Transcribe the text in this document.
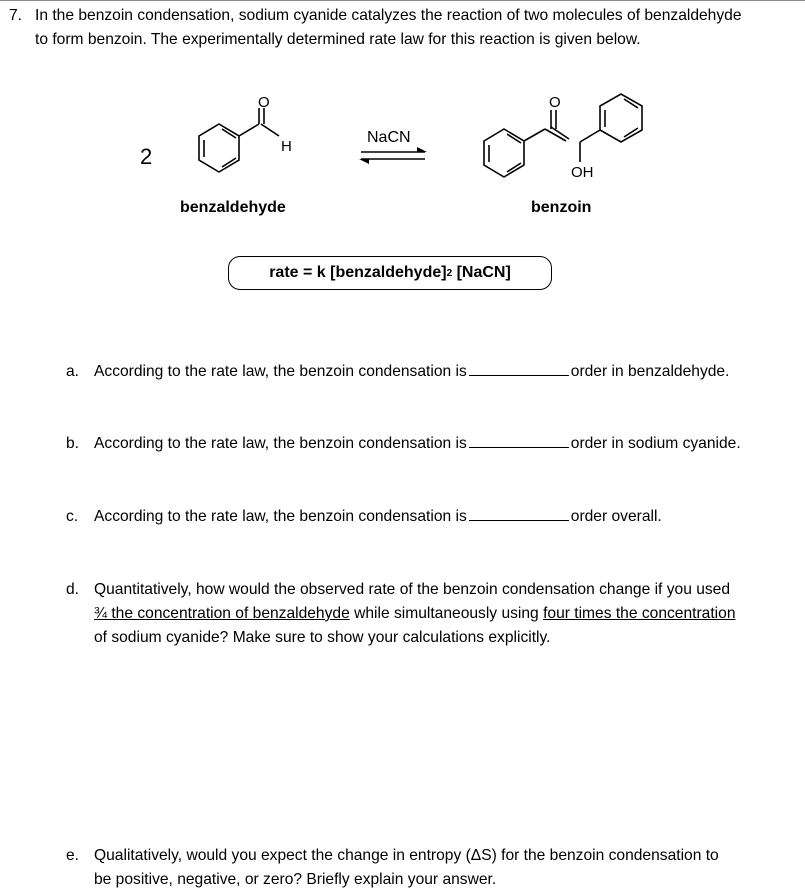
7. In the benzoin condensation, sodium cyanide catalyzes the reaction of two molecules of benzaldehyde
to form benzoin. The experimentally determined rate law for this reaction is given below.
2
O
H
O
OH
NaCN
benzaldehyde	benzoin
rate = k [benzaldehyde] 2 [NaCN]
a. According to the rate law, the benzoin condensation is	order in benzaldehyde.
b. According to the rate law, the benzoin condensation is	order in sodium cyanide.
c. According to the rate law, the benzoin condensation is	order overall.
d. Quantitatively, how would the observed rate of the benzoin condensation change if you used
¾ the concentration of benzaldehyde while simultaneously using four times the concentration
of sodium cyanide? Make sure to show your calculations explicitly.
e. Qualitatively, would you expect the change in entropy (ΔS) for the benzoin condensation to
be positive, negative, or zero? Briefly explain your answer.
